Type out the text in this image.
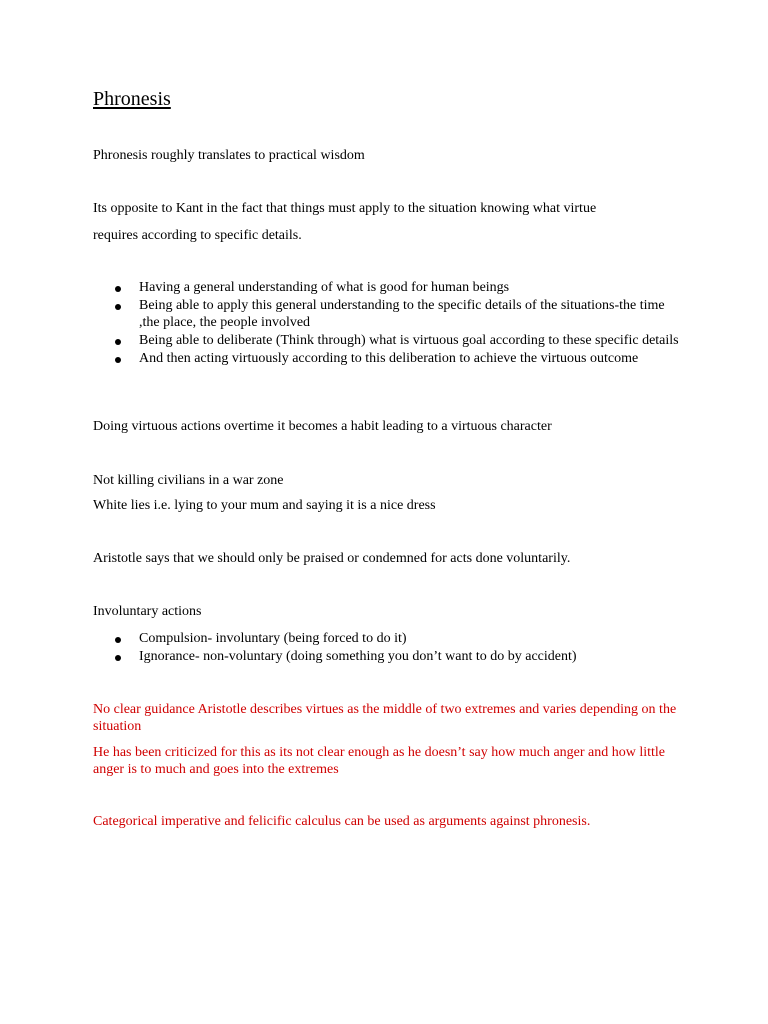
Phronesis

Phronesis roughly translates to practical wisdom

Its opposite to Kant in the fact that things must apply to the situation knowing what virtue

requires according to specific details.

Having a general understanding of what is good for human beings
Being able to apply this general understanding to the specific details of the situations-the time ,the place, the people involved
Being able to deliberate (Think through) what is virtuous goal according to these specific details
And then acting virtuously according to this deliberation to achieve the virtuous outcome

Doing virtuous actions overtime it becomes a habit leading to a virtuous character

Not killing civilians in a war zone

White lies i.e. lying to your mum and saying it is a nice dress

Aristotle says that we should only be praised or condemned for acts done voluntarily.

Involuntary actions

Compulsion- involuntary (being forced to do it)
Ignorance- non-voluntary (doing something you don’t want to do by accident)

No clear guidance Aristotle describes virtues as the middle of two extremes and varies depending on the situation

He has been criticized for this as its not clear enough as he doesn’t say how much anger and how little anger is to much and goes into the extremes

Categorical imperative and felicific calculus can be used as arguments against phronesis.
